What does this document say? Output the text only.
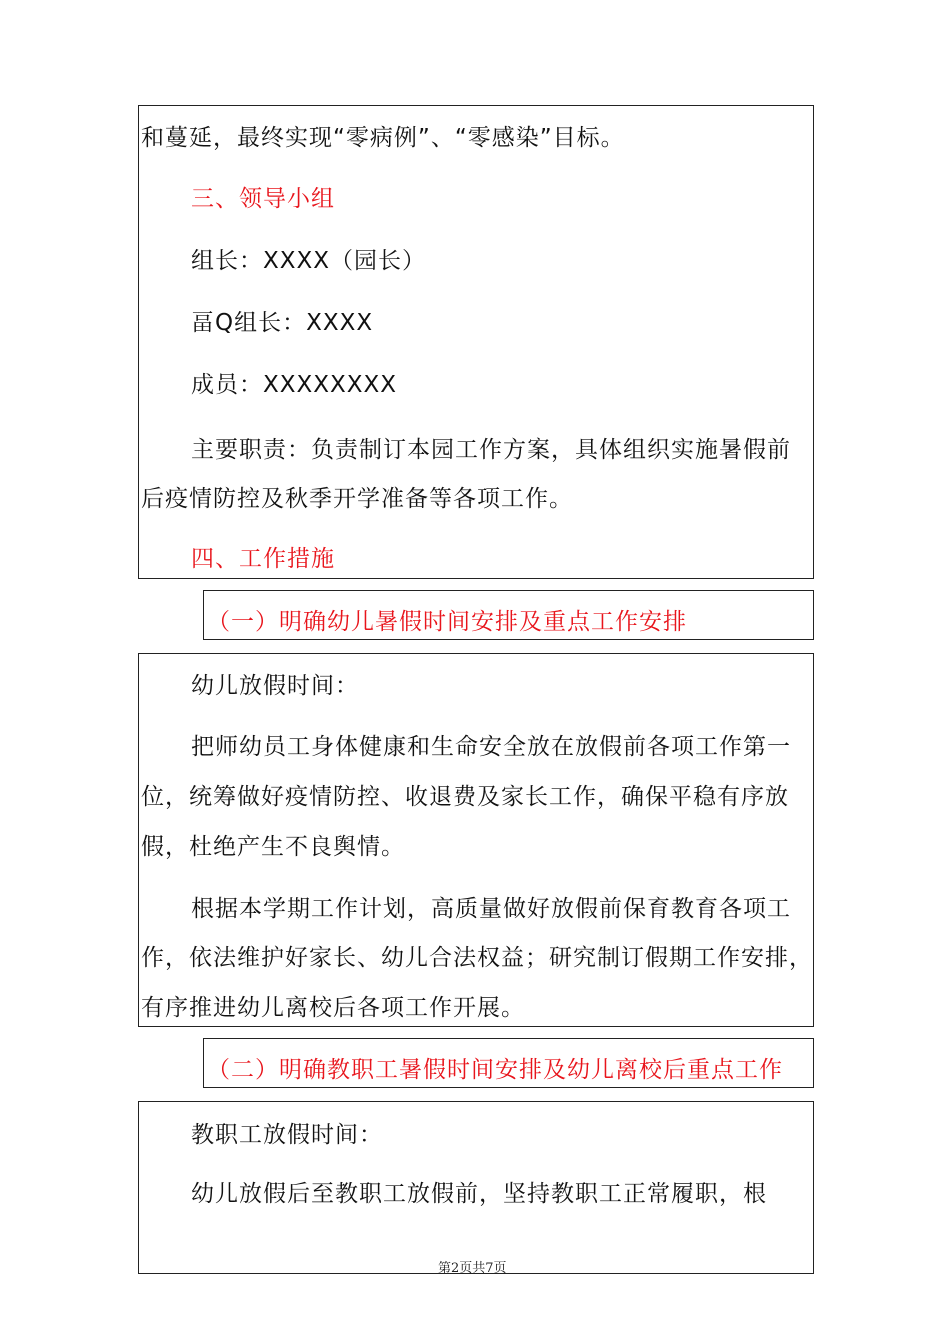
和蔓延，最终实现“零病例”、“零感染”目标。
三、领导小组
组长：XXXX（园长）
畐Q组长：XXXX
成员：XXXXXXXX
主要职责：负责制订本园工作方案，具体组织实施暑假前
后疫情防控及秋季开学准备等各项工作。
四、工作措施
（一）明确幼儿暑假时间安排及重点工作安排
幼儿放假时间：
把师幼员工身体健康和生命安全放在放假前各项工作第一
位，统筹做好疫情防控、收退费及家长工作，确保平稳有序放
假，杜绝产生不良舆情。
根据本学期工作计划，高质量做好放假前保育教育各项工
作，依法维护好家长、幼儿合法权益；研究制订假期工作安排，
有序推进幼儿离校后各项工作开展。
（二）明确教职工暑假时间安排及幼儿离校后重点工作
教职工放假时间：
幼儿放假后至教职工放假前，坚持教职工正常履职，根
第2页共7页
